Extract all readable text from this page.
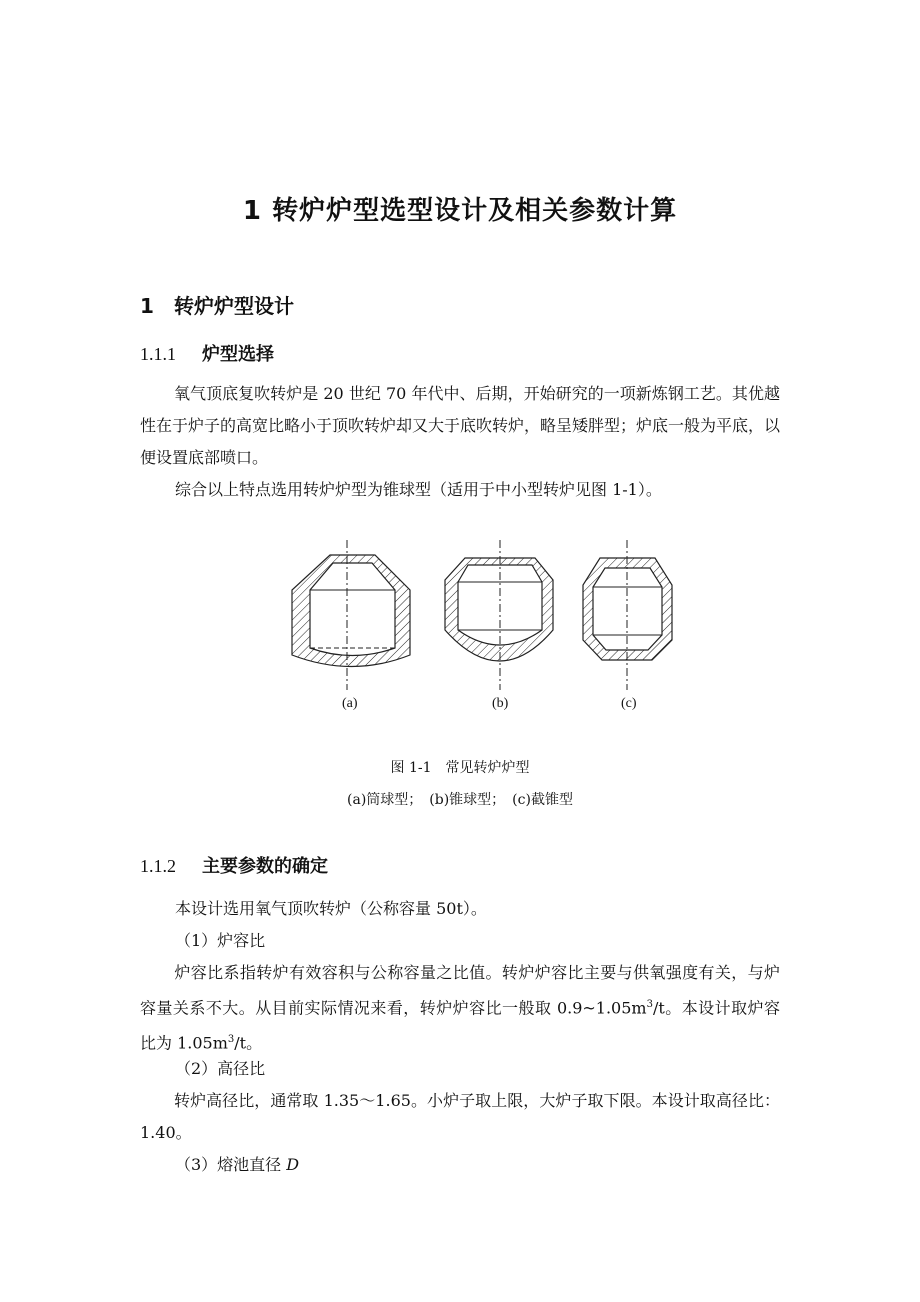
1 转炉炉型选型设计及相关参数计算
1 转炉炉型设计
1.1.1 炉型选择
氧气顶底复吹转炉是 20 世纪 70 年代中、后期，开始研究的一项新炼钢工艺。其优越性在于炉子的高宽比略小于顶吹转炉却又大于底吹转炉，略呈矮胖型；炉底一般为平底，以便设置底部喷口。
综合以上特点选用转炉炉型为锥球型（适用于中小型转炉见图 1-1）。
(a)	(b)	(c)
图 1-1　常见转炉炉型
(a)筒球型；　(b)锥球型；　(c)截锥型
1.1.2 主要参数的确定
本设计选用氧气顶吹转炉（公称容量 50t）。
（1）炉容比
炉容比系指转炉有效容积与公称容量之比值。转炉炉容比主要与供氧强度有关，与炉容量关系不大。从目前实际情况来看，转炉炉容比一般取 $0.9\sim 1.05m^3/t$。本设计取炉容比为 $1.05m^3/t$。
（2）高径比
转炉高径比，通常取 1.35～1.65。小炉子取上限，大炉子取下限。本设计取高径比：1.40。
（3）熔池直径 D
